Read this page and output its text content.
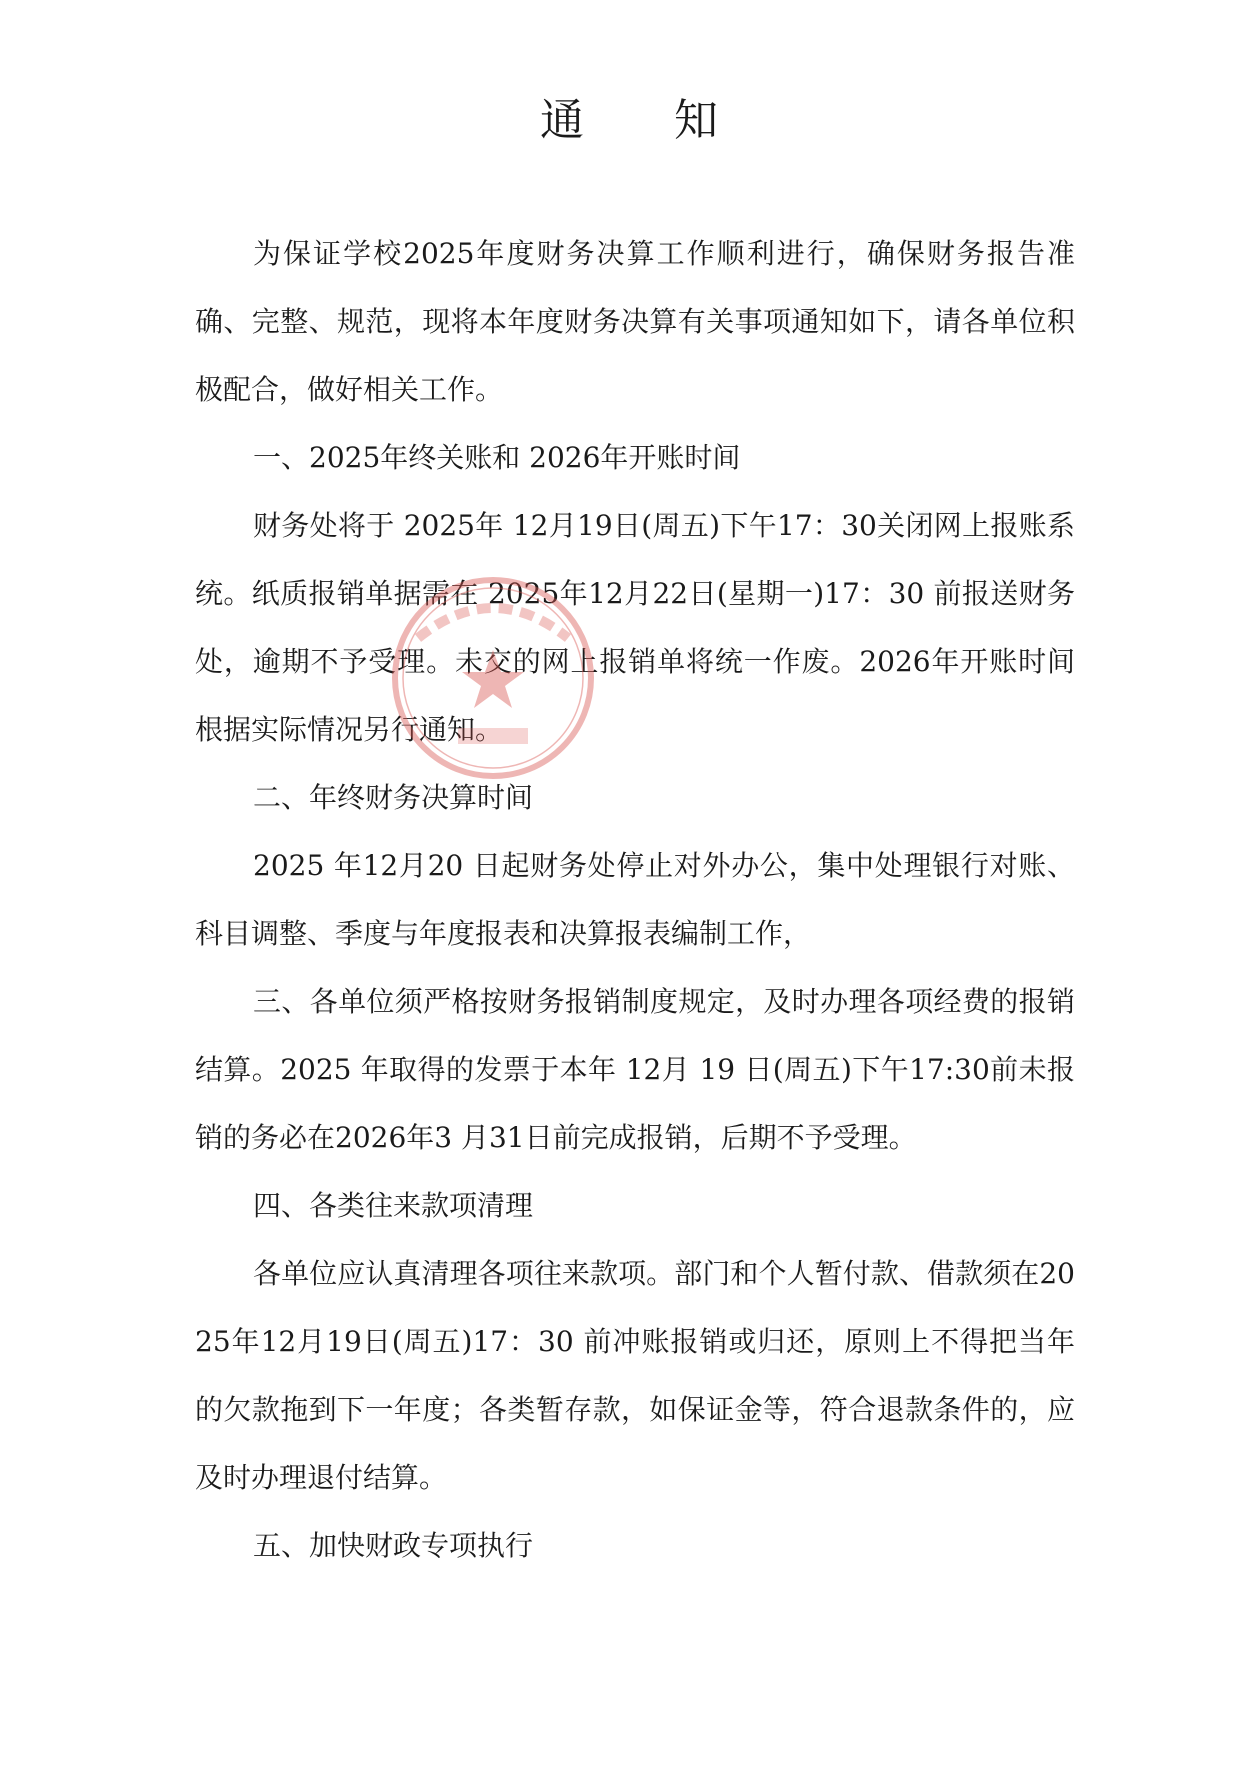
通 知

为保证学校2025年度财务决算工作顺利进行，确保财务报告准确、完整、规范，现将本年度财务决算有关事项通知如下，请各单位积极配合，做好相关工作。

一、2025年终关账和 2026年开账时间

财务处将于 2025年 12月19日(周五)下午17：30关闭网上报账系统。纸质报销单据需在 2025年12月22日(星期一)17：30 前报送财务处，逾期不予受理。未交的网上报销单将统一作废。2026年开账时间根据实际情况另行通知。

二、年终财务决算时间

2025 年12月20 日起财务处停止对外办公，集中处理银行对账、科目调整、季度与年度报表和决算报表编制工作，

三、各单位须严格按财务报销制度规定，及时办理各项经费的报销结算。2025 年取得的发票于本年 12月 19 日(周五)下午17:30前未报销的务必在2026年3 月31日前完成报销，后期不予受理。

四、各类往来款项清理

各单位应认真清理各项往来款项。部门和个人暂付款、借款须在2025年12月19日(周五)17：30 前冲账报销或归还，原则上不得把当年的欠款拖到下一年度；各类暂存款，如保证金等，符合退款条件的，应及时办理退付结算。

五、加快财政专项执行
